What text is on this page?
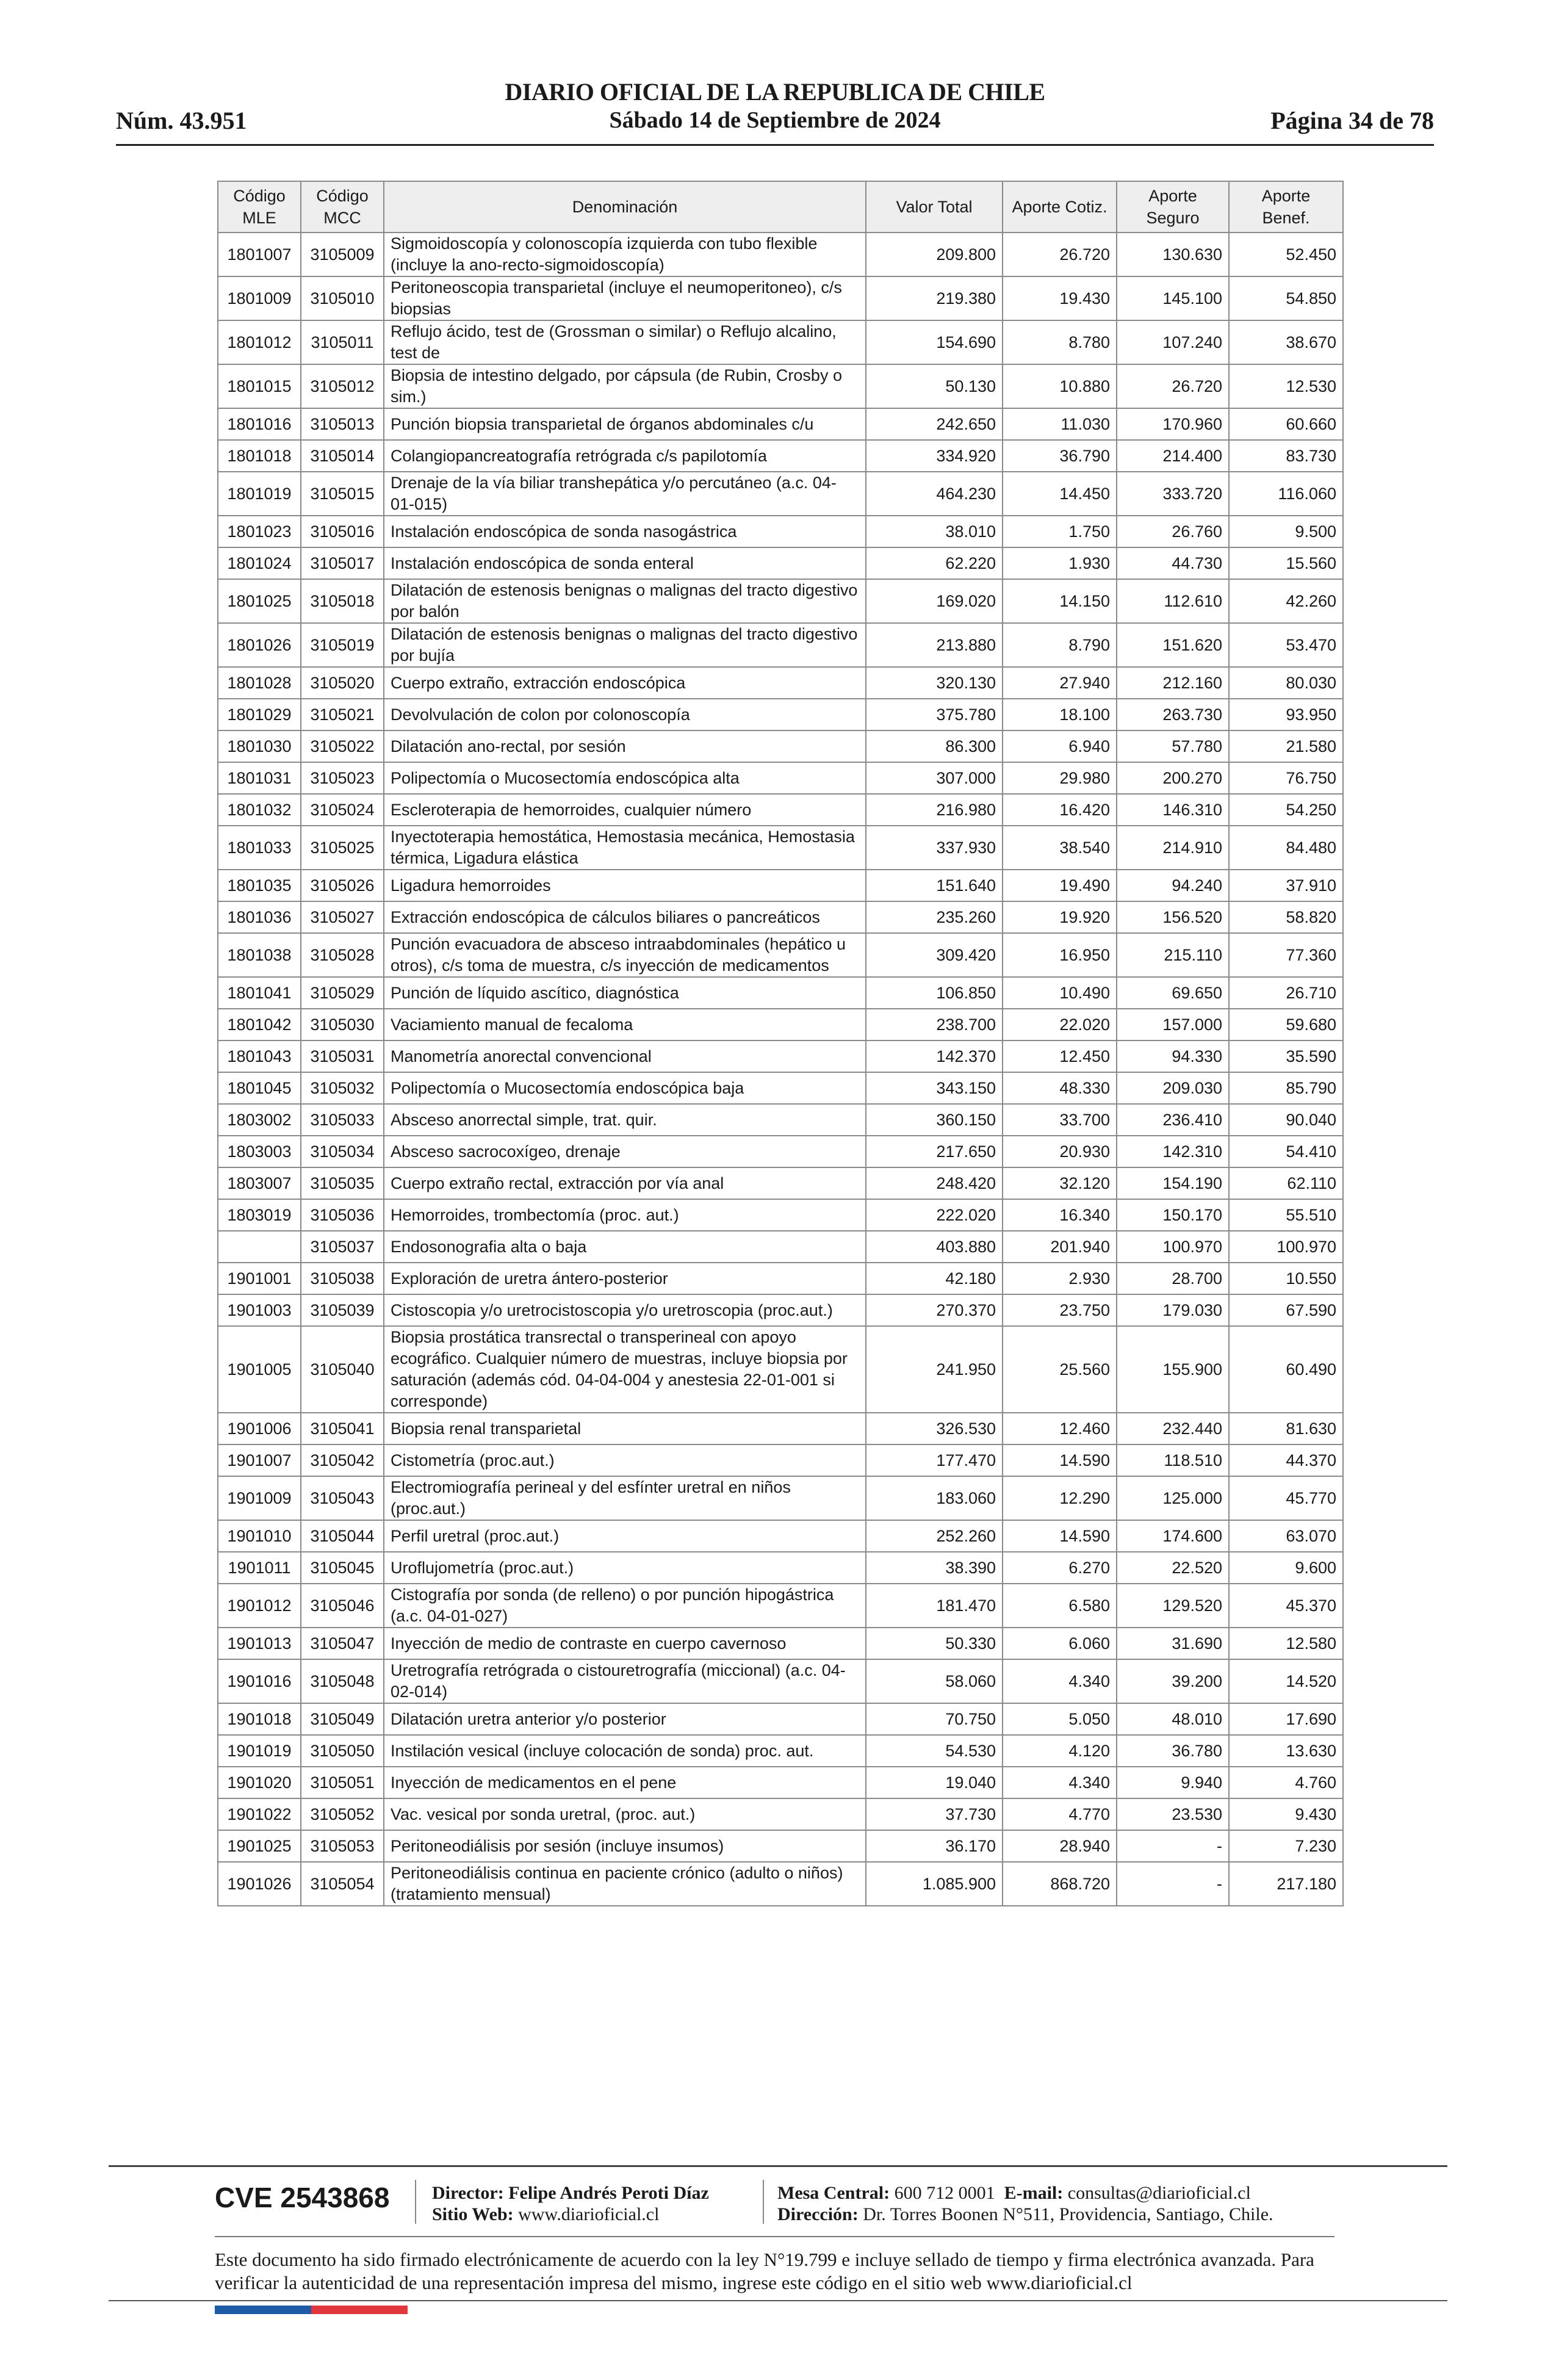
Núm. 43.951
DIARIO OFICIAL DE LA REPUBLICA DE CHILE
Sábado 14 de Septiembre de 2024	Página 34 de 78
Código MLE	Código MCC	Denominación	Valor Total	Aporte Cotiz.	Aporte Seguro	Aporte Benef.
1801007	3105009	Sigmoidoscopía y colonoscopía izquierda con tubo flexible (incluye la ano-recto-sigmoidoscopía)	209.800	26.720	130.630	52.450
1801009	3105010	Peritoneoscopia transparietal (incluye el neumoperitoneo), c/s biopsias	219.380	19.430	145.100	54.850
1801012	3105011	Reflujo ácido, test de (Grossman o similar) o Reflujo alcalino, test de	154.690	8.780	107.240	38.670
1801015	3105012	Biopsia de intestino delgado, por cápsula (de Rubin, Crosby o sim.)	50.130	10.880	26.720	12.530
1801016	3105013	Punción biopsia transparietal de órganos abdominales c/u	242.650	11.030	170.960	60.660
1801018	3105014	Colangiopancreatografía retrógrada c/s papilotomía	334.920	36.790	214.400	83.730
1801019	3105015	Drenaje de la vía biliar transhepática y/o percutáneo (a.c. 04-01-015)	464.230	14.450	333.720	116.060
1801023	3105016	Instalación endoscópica de sonda nasogástrica	38.010	1.750	26.760	9.500
1801024	3105017	Instalación endoscópica de sonda enteral	62.220	1.930	44.730	15.560
1801025	3105018	Dilatación de estenosis benignas o malignas del tracto digestivo por balón	169.020	14.150	112.610	42.260
1801026	3105019	Dilatación de estenosis benignas o malignas del tracto digestivo por bujía	213.880	8.790	151.620	53.470
1801028	3105020	Cuerpo extraño, extracción endoscópica	320.130	27.940	212.160	80.030
1801029	3105021	Devolvulación de colon por colonoscopía	375.780	18.100	263.730	93.950
1801030	3105022	Dilatación ano-rectal, por sesión	86.300	6.940	57.780	21.580
1801031	3105023	Polipectomía o Mucosectomía endoscópica alta	307.000	29.980	200.270	76.750
1801032	3105024	Escleroterapia de hemorroides, cualquier número	216.980	16.420	146.310	54.250
1801033	3105025	Inyectoterapia hemostática, Hemostasia mecánica, Hemostasia térmica, Ligadura elástica	337.930	38.540	214.910	84.480
1801035	3105026	Ligadura hemorroides	151.640	19.490	94.240	37.910
1801036	3105027	Extracción endoscópica de cálculos biliares o pancreáticos	235.260	19.920	156.520	58.820
1801038	3105028	Punción evacuadora de absceso intraabdominales (hepático u otros), c/s toma de muestra, c/s inyección de medicamentos	309.420	16.950	215.110	77.360
1801041	3105029	Punción de líquido ascítico, diagnóstica	106.850	10.490	69.650	26.710
1801042	3105030	Vaciamiento manual de fecaloma	238.700	22.020	157.000	59.680
1801043	3105031	Manometría anorectal convencional	142.370	12.450	94.330	35.590
1801045	3105032	Polipectomía o Mucosectomía endoscópica baja	343.150	48.330	209.030	85.790
1803002	3105033	Absceso anorrectal simple, trat. quir.	360.150	33.700	236.410	90.040
1803003	3105034	Absceso sacrocoxígeo, drenaje	217.650	20.930	142.310	54.410
1803007	3105035	Cuerpo extraño rectal, extracción por vía anal	248.420	32.120	154.190	62.110
1803019	3105036	Hemorroides, trombectomía (proc. aut.)	222.020	16.340	150.170	55.510
	3105037	Endosonografia alta o baja	403.880	201.940	100.970	100.970
1901001	3105038	Exploración de uretra ántero-posterior	42.180	2.930	28.700	10.550
1901003	3105039	Cistoscopia y/o uretrocistoscopia y/o uretroscopia (proc.aut.)	270.370	23.750	179.030	67.590
1901005	3105040	Biopsia prostática transrectal o transperineal con apoyo ecográfico. Cualquier número de muestras, incluye biopsia por saturación (además cód. 04-04-004 y anestesia 22-01-001 si corresponde)	241.950	25.560	155.900	60.490
1901006	3105041	Biopsia renal transparietal	326.530	12.460	232.440	81.630
1901007	3105042	Cistometría (proc.aut.)	177.470	14.590	118.510	44.370
1901009	3105043	Electromiografía perineal y del esfínter uretral en niños (proc.aut.)	183.060	12.290	125.000	45.770
1901010	3105044	Perfil uretral (proc.aut.)	252.260	14.590	174.600	63.070
1901011	3105045	Uroflujometría (proc.aut.)	38.390	6.270	22.520	9.600
1901012	3105046	Cistografía por sonda (de relleno) o por punción hipogástrica (a.c. 04-01-027)	181.470	6.580	129.520	45.370
1901013	3105047	Inyección de medio de contraste en cuerpo cavernoso	50.330	6.060	31.690	12.580
1901016	3105048	Uretrografía retrógrada o cistouretrografía (miccional) (a.c. 04-02-014)	58.060	4.340	39.200	14.520
1901018	3105049	Dilatación uretra anterior y/o posterior	70.750	5.050	48.010	17.690
1901019	3105050	Instilación vesical (incluye colocación de sonda) proc. aut.	54.530	4.120	36.780	13.630
1901020	3105051	Inyección de medicamentos en el pene	19.040	4.340	9.940	4.760
1901022	3105052	Vac. vesical por sonda uretral, (proc. aut.)	37.730	4.770	23.530	9.430
1901025	3105053	Peritoneodiálisis por sesión (incluye insumos)	36.170	28.940	-	7.230
1901026	3105054	Peritoneodiálisis continua en paciente crónico (adulto o niños) (tratamiento mensual)	1.085.900	868.720	-	217.180
CVE 2543868 Director: Felipe Andrés Peroti Díaz
Sitio Web: www.diarioficial.cl
Mesa Central: 600 712 0001 E-mail: consultas@diarioficial.cl
Dirección: Dr. Torres Boonen N°511, Providencia, Santiago, Chile.
Este documento ha sido firmado electrónicamente de acuerdo con la ley N°19.799 e incluye sellado de tiempo y firma electrónica avanzada. Para verificar la autenticidad de una representación impresa del mismo, ingrese este código en el sitio web www.diarioficial.cl
